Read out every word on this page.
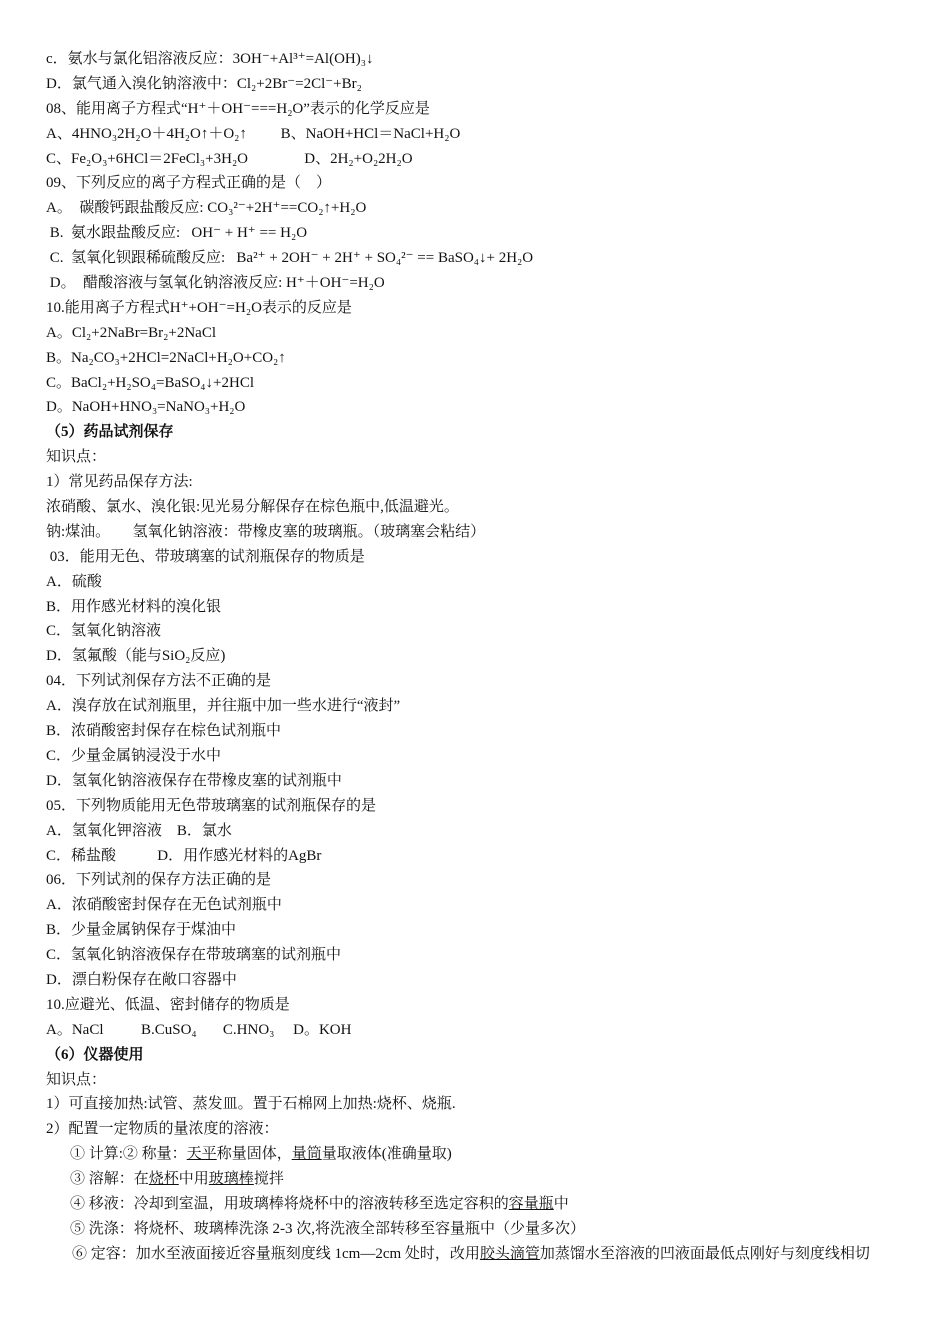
c．氨水与氯化铝溶液反应：3OH⁻+Al³⁺=Al(OH)₃↓
D．氯气通入溴化钠溶液中：Cl₂+2Br⁻=2Cl⁻+Br₂
08、能用离子方程式“H⁺＋OH⁻===H₂O”表示的化学反应是
A、4HNO₃2H₂O＋4H₂O↑＋O₂↑         B、NaOH+HCl＝NaCl+H₂O
C、Fe₂O₃+6HCl＝2FeCl₃+3H₂O               D、2H₂+O₂2H₂O
09、下列反应的离子方程式正确的是（    ）
A。  碳酸钙跟盐酸反应: CO₃²⁻+2H⁺==CO₂↑+H₂O
B.  氨水跟盐酸反应:   OH⁻ + H⁺ == H₂O
C.  氢氧化钡跟稀硫酸反应:   Ba²⁺ + 2OH⁻ + 2H⁺ + SO₄²⁻ == BaSO₄↓+ 2H₂O
D。  醋酸溶液与氢氧化钠溶液反应: H⁺＋OH⁻=H₂O
10.能用离子方程式H⁺+OH⁻=H₂O表示的反应是
A。Cl₂+2NaBr=Br₂+2NaCl
B。Na₂CO₃+2HCl=2NaCl+H₂O+CO₂↑
C。BaCl₂+H₂SO₄=BaSO₄↓+2HCl
D。NaOH+HNO₃=NaNO₃+H₂O
（5）药品试剂保存
知识点：
1）常见药品保存方法:
浓硝酸、氯水、溴化银:见光易分解保存在棕色瓶中,低温避光。
钠:煤油。      氢氧化钠溶液：带橡皮塞的玻璃瓶。（玻璃塞会粘结）
03．能用无色、带玻璃塞的试剂瓶保存的物质是
A．硫酸
B．用作感光材料的溴化银
C．氢氧化钠溶液
D．氢氟酸（能与SiO₂反应)
04．下列试剂保存方法不正确的是
A．溴存放在试剂瓶里，并往瓶中加一些水进行“液封”
B．浓硝酸密封保存在棕色试剂瓶中
C．少量金属钠浸没于水中
D．氢氧化钠溶液保存在带橡皮塞的试剂瓶中
05．下列物质能用无色带玻璃塞的试剂瓶保存的是
A．氢氧化钾溶液    B．氯水
C．稀盐酸           D．用作感光材料的AgBr
06．下列试剂的保存方法正确的是
A．浓硝酸密封保存在无色试剂瓶中
B．少量金属钠保存于煤油中
C．氢氧化钠溶液保存在带玻璃塞的试剂瓶中
D．漂白粉保存在敞口容器中
10.应避光、低温、密封储存的物质是
A。NaCl          B.CuSO₄       C.HNO₃     D。KOH
（6）仪器使用
知识点：
1）可直接加热:试管、蒸发皿。置于石棉网上加热:烧杯、烧瓶.
2）配置一定物质的量浓度的溶液：
① 计算:② 称量：天平称量固体，量筒量取液体(准确量取)
③ 溶解：在烧杯中用玻璃棒搅拌
④ 移液：冷却到室温，用玻璃棒将烧杯中的溶液转移至选定容积的容量瓶中
⑤ 洗涤：将烧杯、玻璃棒洗涤 2-3 次,将洗液全部转移至容量瓶中（少量多次）
⑥ 定容：加水至液面接近容量瓶刻度线 1cm—2cm 处时，改用胶头滴管加蒸馏水至溶液的凹液面最低点刚好与刻度线相切
